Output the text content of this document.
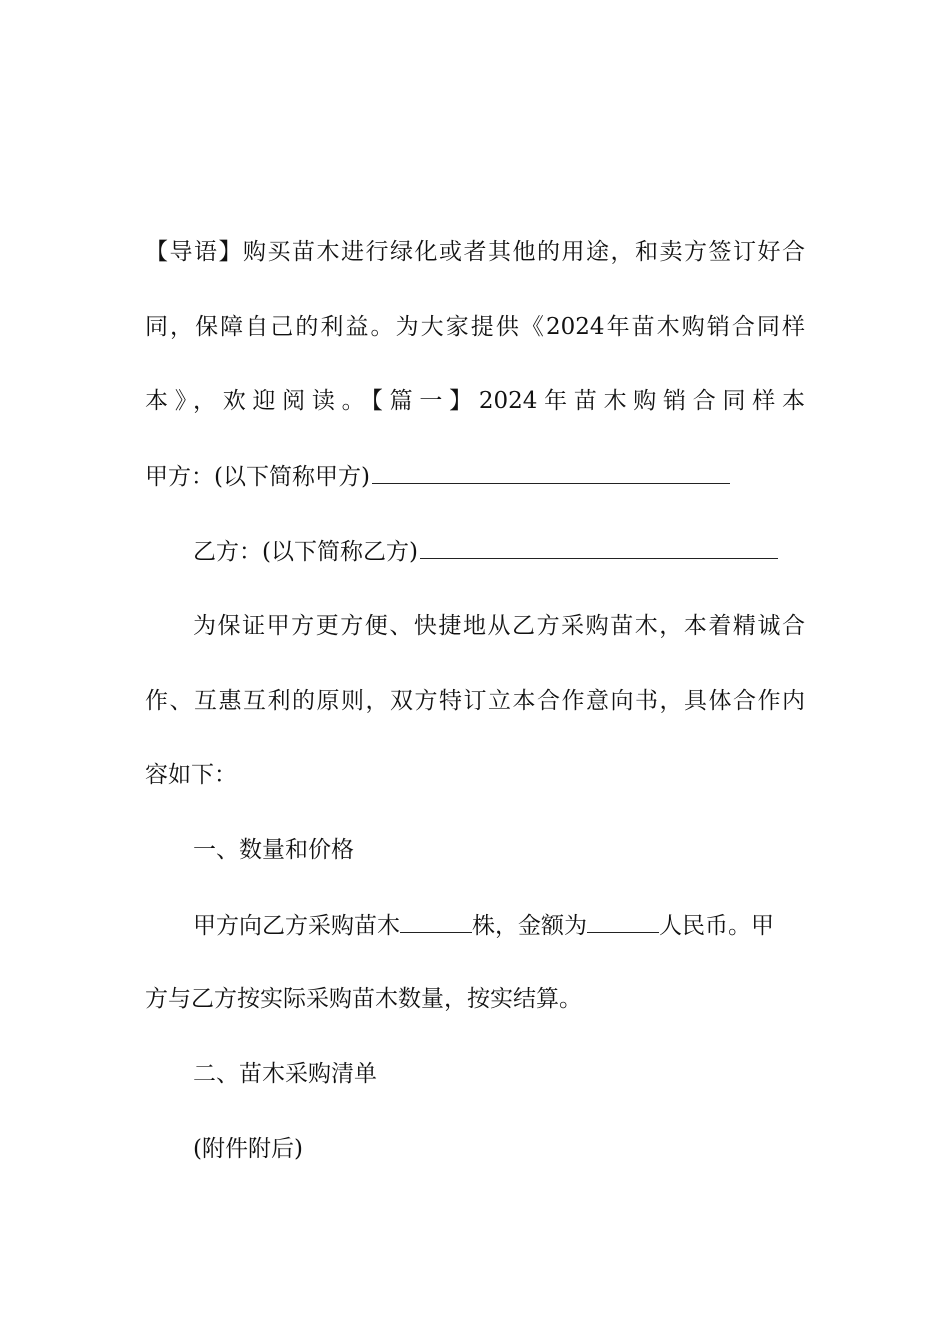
【导语】购买苗木进行绿化或者其他的用途，和卖方签订好合
同，保障自己的利益。为大家提供《2024年苗木购销合同样
本》，欢迎阅读。【篇一】2024年苗木购销合同样本
甲方：(以下简称甲方)
乙方：(以下简称乙方)
为保证甲方更方便、快捷地从乙方采购苗木，本着精诚合
作、互惠互利的原则，双方特订立本合作意向书，具体合作内
容如下：
一、数量和价格
甲方向乙方采购苗木	株，金额为	人民币。甲
方与乙方按实际采购苗木数量，按实结算。
二、苗木采购清单
(附件附后)
